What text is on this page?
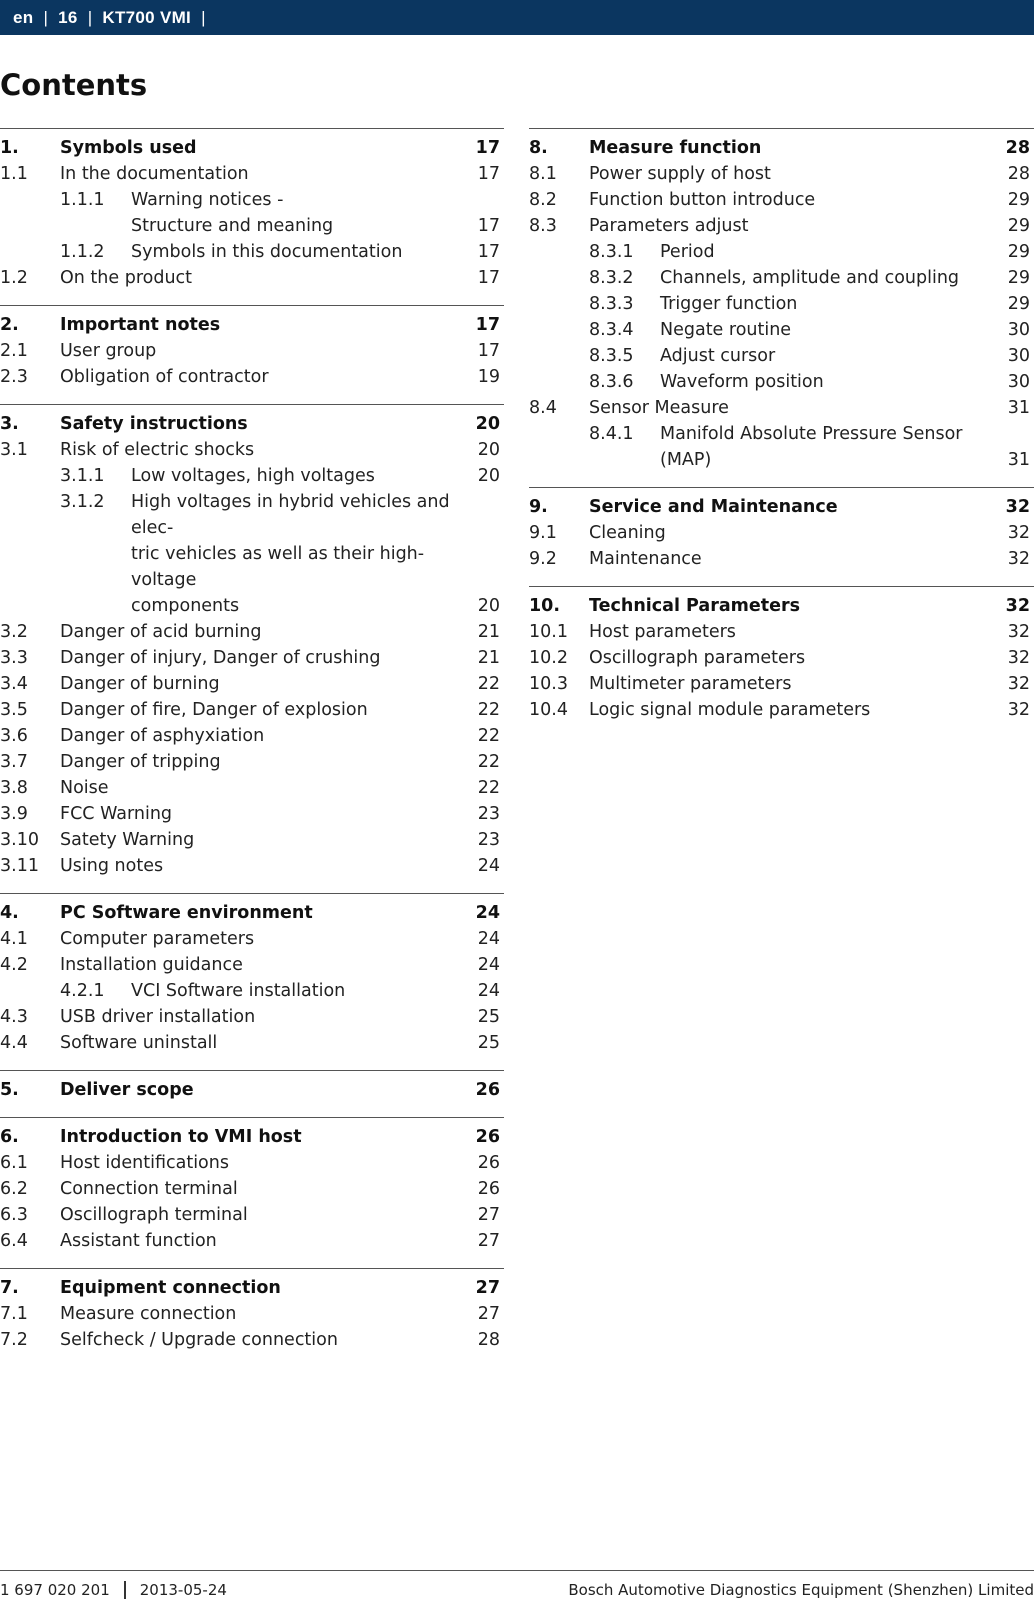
en | 16 | KT700 VMI |
Contents
1.	Symbols used	17
1.1	In the documentation	17
1.1.1	Warning notices -
Structure and meaning	17
1.1.2	Symbols in this documentation	17
1.2	On the product	17
2.	Important notes	17
2.1	User group	17
2.3	Obligation of contractor	19
3.	Safety instructions	20
3.1	Risk of electric shocks	20
3.1.1	Low voltages, high voltages	20
3.1.2	High voltages in hybrid vehicles and elec-
tric vehicles as well as their high-voltage
components	20
3.2	Danger of acid burning	21
3.3	Danger of injury, Danger of crushing	21
3.4	Danger of burning	22
3.5	Danger of fire, Danger of explosion	22
3.6	Danger of asphyxiation	22
3.7	Danger of tripping	22
3.8	Noise	22
3.9	FCC Warning	23
3.10	Satety Warning	23
3.11	Using notes	24
4.	PC Software environment	24
4.1	Computer parameters	24
4.2	Installation guidance	24
4.2.1	VCI Software installation	24
4.3	USB driver installation	25
4.4	Software uninstall	25
5.	Deliver scope	26
6.	Introduction to VMI host	26
6.1	Host identifications	26
6.2	Connection terminal	26
6.3	Oscillograph terminal	27
6.4	Assistant function	27
7.	Equipment connection	27
7.1	Measure connection	27
7.2	Selfcheck / Upgrade connection	28
8.	Measure function	28
8.1	Power supply of host	28
8.2	Function button introduce	29
8.3	Parameters adjust	29
8.3.1	Period	29
8.3.2	Channels, amplitude and coupling	29
8.3.3	Trigger function	29
8.3.4	Negate routine	30
8.3.5	Adjust cursor	30
8.3.6	Waveform position	30
8.4	Sensor Measure	31
8.4.1	Manifold Absolute Pressure Sensor
(MAP)	31
9.	Service and Maintenance	32
9.1	Cleaning	32
9.2	Maintenance	32
10.	Technical Parameters	32
10.1	Host parameters	32
10.2	Oscillograph parameters	32
10.3	Multimeter parameters	32
10.4	Logic signal module parameters	32
1 697 020 201 2013-05-24	Bosch Automotive Diagnostics Equipment (Shenzhen) Limited
